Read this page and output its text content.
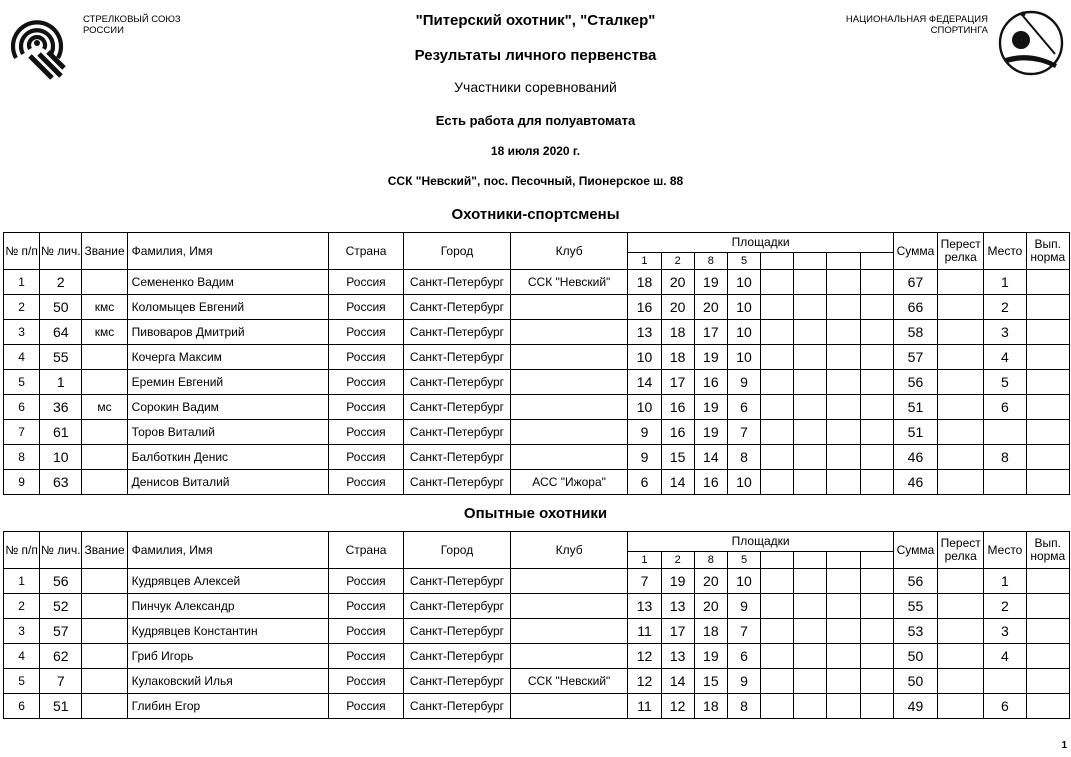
СТРЕЛКОВЫЙ СОЮЗ
РОССИИ
НАЦИОНАЛЬНАЯ ФЕДЕРАЦИЯ
СПОРТИНГА
"Питерский охотник", "Сталкер"
Результаты личного первенства
Участники соревнований
Есть работа для полуавтомата
18 июля 2020 г.
ССК "Невский", пос. Песочный, Пионерское ш. 88
Охотники-спортсмены
№ п/п	№ лич.	Звание	Фамилия, Имя	Страна	Город	Клуб	Площадки								Сумма	Перест релка	Место	Вып. норма
							1	2	8	5								
1	2		Семененко Вадим	Россия	Санкт-Петербург	ССК "Невский"	18	20	19	10					67		1	
2	50	кмс	Коломыцев Евгений	Россия	Санкт-Петербург		16	20	20	10					66		2	
3	64	кмс	Пивоваров Дмитрий	Россия	Санкт-Петербург		13	18	17	10					58		3	
4	55		Кочерга Максим	Россия	Санкт-Петербург		10	18	19	10					57		4	
5	1		Еремин Евгений	Россия	Санкт-Петербург		14	17	16	9					56		5	
6	36	мс	Сорокин Вадим	Россия	Санкт-Петербург		10	16	19	6					51		6	
7	61		Торов Виталий	Россия	Санкт-Петербург		9	16	19	7					51			
8	10		Балботкин Денис	Россия	Санкт-Петербург		9	15	14	8					46		8	
9	63		Денисов Виталий	Россия	Санкт-Петербург	АСС "Ижора"	6	14	16	10					46			
Опытные охотники
№ п/п	№ лич.	Звание	Фамилия, Имя	Страна	Город	Клуб	Площадки								Сумма	Перест релка	Место	Вып. норма
							1	2	8	5								
1	56		Кудрявцев Алексей	Россия	Санкт-Петербург		7	19	20	10					56		1	
2	52		Пинчук Александр	Россия	Санкт-Петербург		13	13	20	9					55		2	
3	57		Кудрявцев Константин	Россия	Санкт-Петербург		11	17	18	7					53		3	
4	62		Гриб Игорь	Россия	Санкт-Петербург		12	13	19	6					50		4	
5	7		Кулаковский Илья	Россия	Санкт-Петербург	ССК "Невский"	12	14	15	9					50			
6	51		Глибин Егор	Россия	Санкт-Петербург		11	12	18	8					49		6	
1
